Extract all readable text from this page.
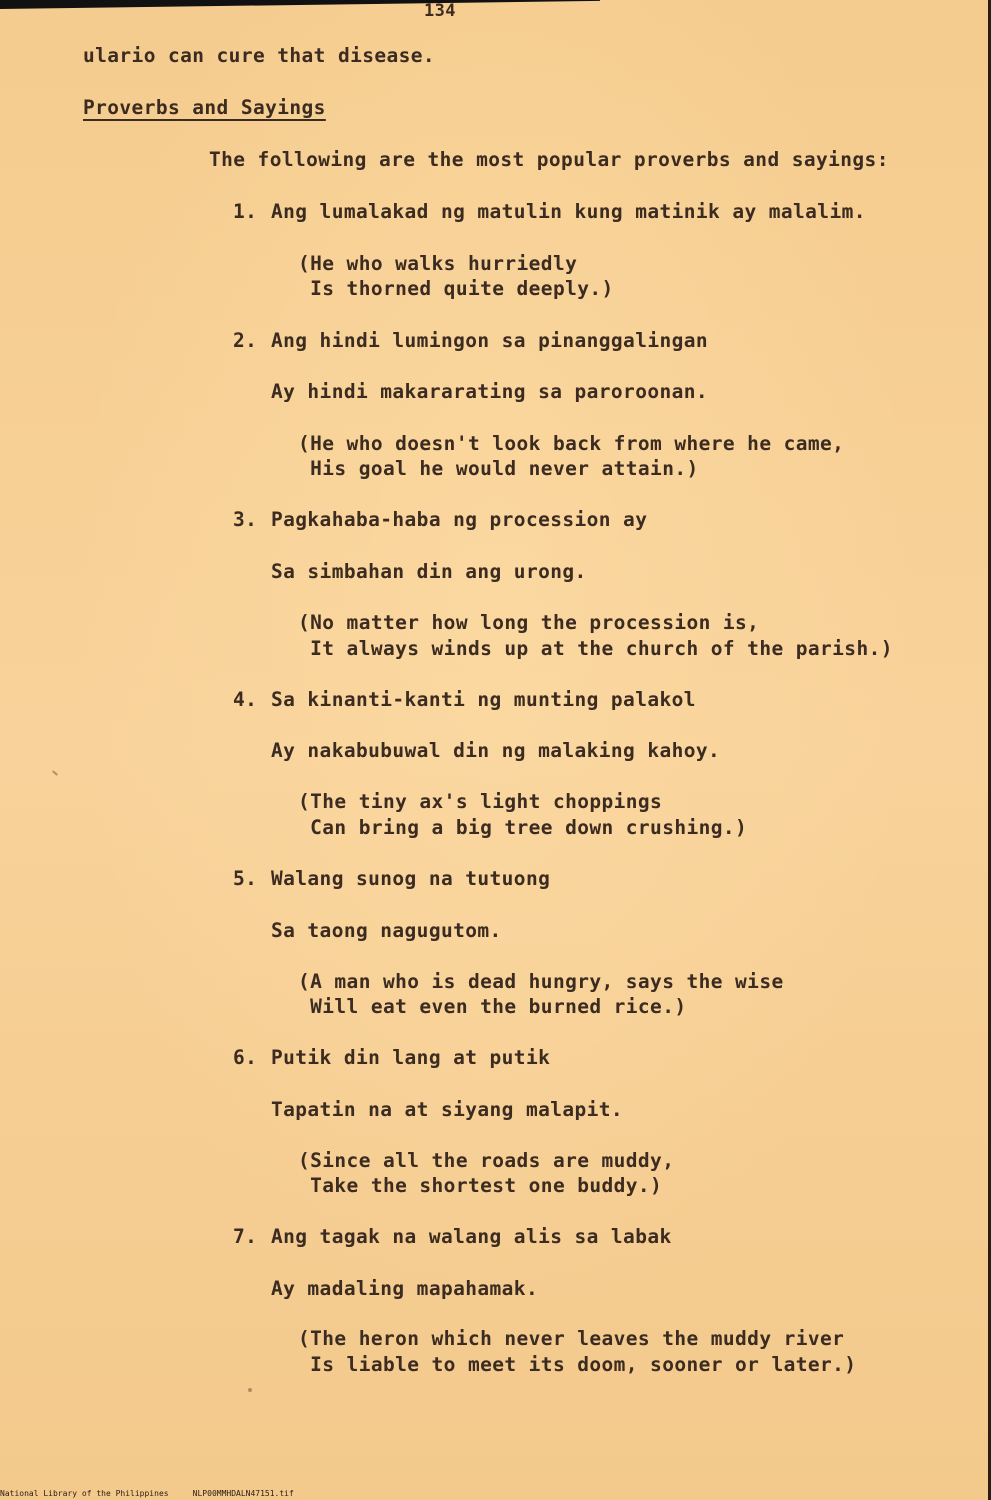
134

ulario can cure that disease.

Proverbs and Sayings

The following are the most popular proverbs and sayings:

1. Ang lumalakad ng matulin kung matinik ay malalim.

(He who walks hurriedly

Is thorned quite deeply.)

2. Ang hindi lumingon sa pinanggalingan

Ay hindi makararating sa paroroonan.

(He who doesn't look back from where he came,

His goal he would never attain.)

3. Pagkahaba-haba ng procession ay

Sa simbahan din ang urong.

(No matter how long the procession is,

It always winds up at the church of the parish.)

4. Sa kinanti-kanti ng munting palakol

Ay nakabubuwal din ng malaking kahoy.

(The tiny ax's light choppings

Can bring a big tree down crushing.)

5. Walang sunog na tutuong

Sa taong nagugutom.

(A man who is dead hungry, says the wise

Will eat even the burned rice.)

6. Putik din lang at putik

Tapatin na at siyang malapit.

(Since all the roads are muddy,

Take the shortest one buddy.)

7. Ang tagak na walang alis sa labak

Ay madaling mapahamak.

(The heron which never leaves the muddy river

Is liable to meet its doom, sooner or later.)

National Library of the Philippines	NLP00MMHDALN47151.tif
